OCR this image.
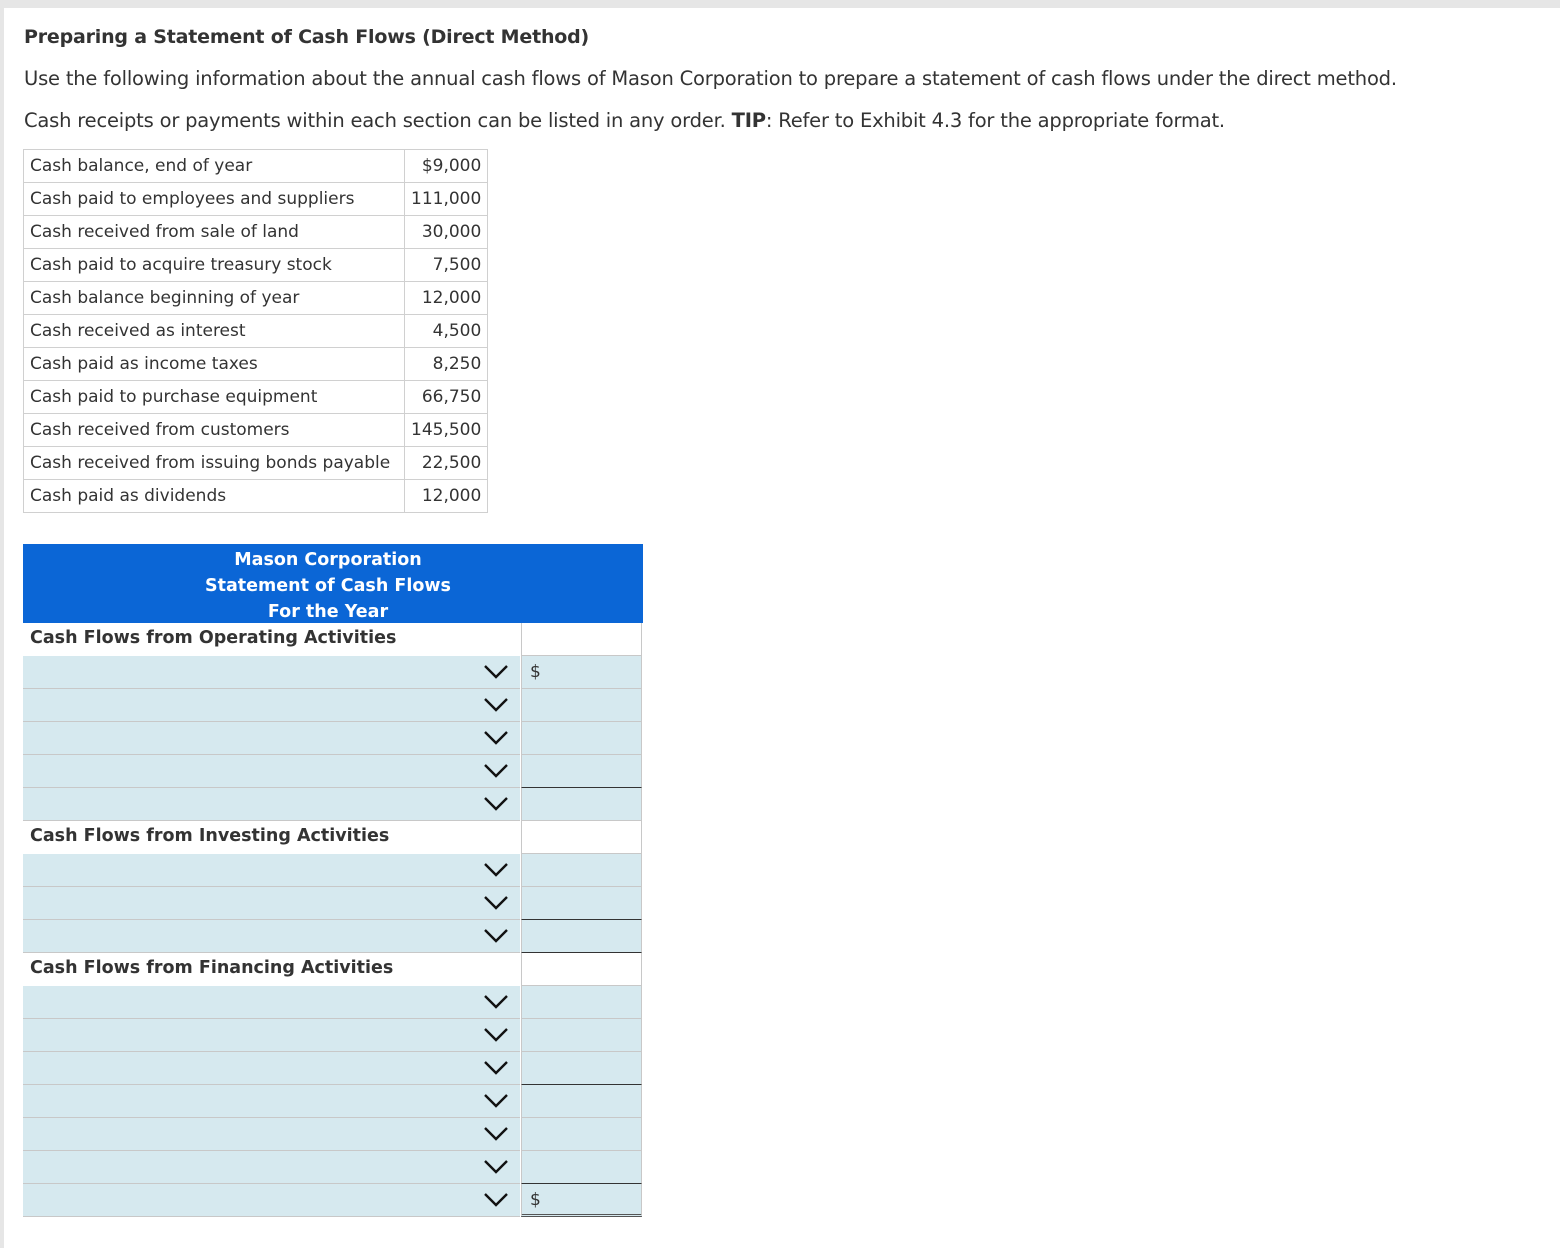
Preparing a Statement of Cash Flows (Direct Method)

Use the following information about the annual cash flows of Mason Corporation to prepare a statement of cash flows under the direct method.

Cash receipts or payments within each section can be listed in any order. TIP: Refer to Exhibit 4.3 for the appropriate format.

Cash balance, end of year	$9,000
Cash paid to employees and suppliers	111,000
Cash received from sale of land	30,000
Cash paid to acquire treasury stock	7,500
Cash balance beginning of year	12,000
Cash received as interest	4,500
Cash paid as income taxes	8,250
Cash paid to purchase equipment	66,750
Cash received from customers	145,500
Cash received from issuing bonds payable	22,500
Cash paid as dividends	12,000
Mason Corporation
Statement of Cash Flows
For the Year
Cash Flows from Operating Activities
$
Cash Flows from Investing Activities
Cash Flows from Financing Activities
$
